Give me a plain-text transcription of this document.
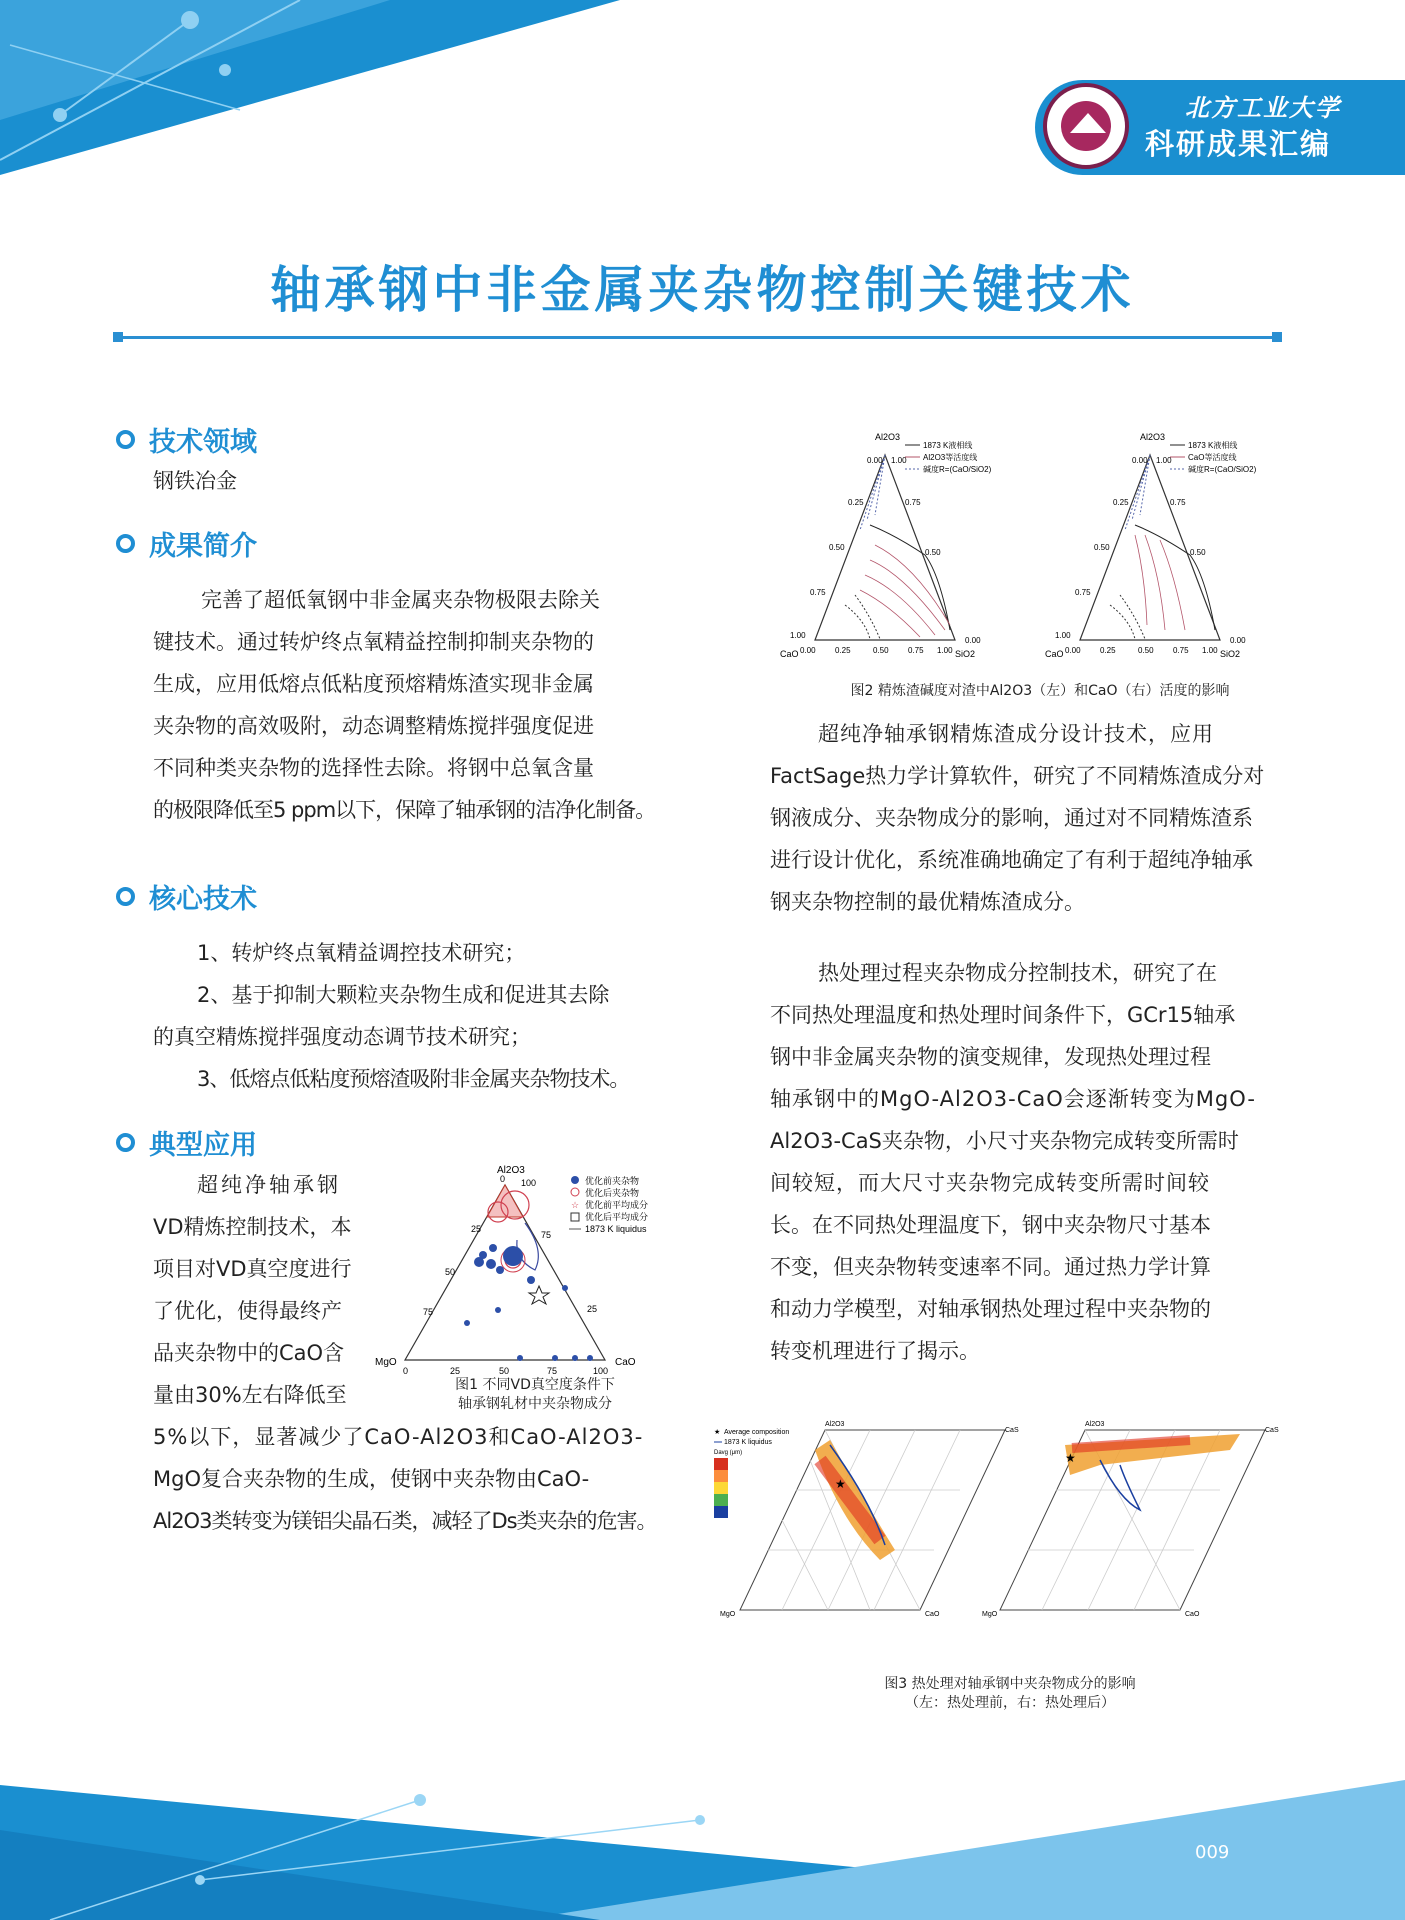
北方工业大学
科研成果汇编
轴承钢中非金属夹杂物控制关键技术
技术领域
钢铁冶金
成果简介
完善了超低氧钢中非金属夹杂物极限去除关
键技术。通过转炉终点氧精益控制抑制夹杂物的
生成，应用低熔点低粘度预熔精炼渣实现非金属
夹杂物的高效吸附，动态调整精炼搅拌强度促进
不同种类夹杂物的选择性去除。将钢中总氧含量
的极限降低至5 ppm以下，保障了轴承钢的洁净化制备。
核心技术
1、转炉终点氧精益调控技术研究；
2、基于抑制大颗粒夹杂物生成和促进其去除
的真空精炼搅拌强度动态调节技术研究；
3、低熔点低粘度预熔渣吸附非金属夹杂物技术。
典型应用
超纯净轴承钢
VD精炼控制技术，本
项目对VD真空度进行
了优化，使得最终产
品夹杂物中的CaO含
量由30%左右降低至
5%以下，显著减少了CaO-Al2O3和CaO-Al2O3-
MgO复合夹杂物的生成，使钢中夹杂物由CaO-
Al2O3类转变为镁铝尖晶石类，减轻了Ds类夹杂的危害。
Al2O3
MgO	CaO
0 100
25
50
75
75
25
0	25	50	75	100
优化前夹杂物
优化后夹杂物
☆ 优化前平均成分
优化后平均成分
1873 K liquidus
图1 不同VD真空度条件下
轴承钢轧材中夹杂物成分
Al2O3
CaO	SiO2
0.00 1.00
0.25	0.75
0.50
0.50
0.75
1.00
0.00
0.00 0.25	0.50 0.75 1.00
1873 K液相线
Al2O3等活度线
碱度R=(CaO/SiO2)
Al2O3
CaO	SiO2
0.00 1.00
0.25	0.75
0.50
0.50
0.75
1.00
0.00
0.00 0.25	0.50 0.75 1.00
1873 K液相线
CaO等活度线
碱度R=(CaO/SiO2)
图2 精炼渣碱度对渣中Al2O3（左）和CaO（右）活度的影响
超纯净轴承钢精炼渣成分设计技术，应用
FactSage热力学计算软件，研究了不同精炼渣成分对
钢液成分、夹杂物成分的影响，通过对不同精炼渣系
进行设计优化，系统准确地确定了有利于超纯净轴承
钢夹杂物控制的最优精炼渣成分。
热处理过程夹杂物成分控制技术，研究了在
不同热处理温度和热处理时间条件下，GCr15轴承
钢中非金属夹杂物的演变规律，发现热处理过程
轴承钢中的MgO-Al2O3-CaO会逐渐转变为MgO-
Al2O3-CaS夹杂物，小尺寸夹杂物完成转变所需时
间较短，而大尺寸夹杂物完成转变所需时间较
长。在不同热处理温度下，钢中夹杂物尺寸基本
不变，但夹杂物转变速率不同。通过热力学计算
和动力学模型，对轴承钢热处理过程中夹杂物的
转变机理进行了揭示。
★
Al2O3
MgO	CaO
CaS
★ Average composition
1873 K liquidus
Davg (μm)	★
Al2O3
MgO	CaO
CaS
图3 热处理对轴承钢中夹杂物成分的影响
（左：热处理前，右：热处理后）
009
